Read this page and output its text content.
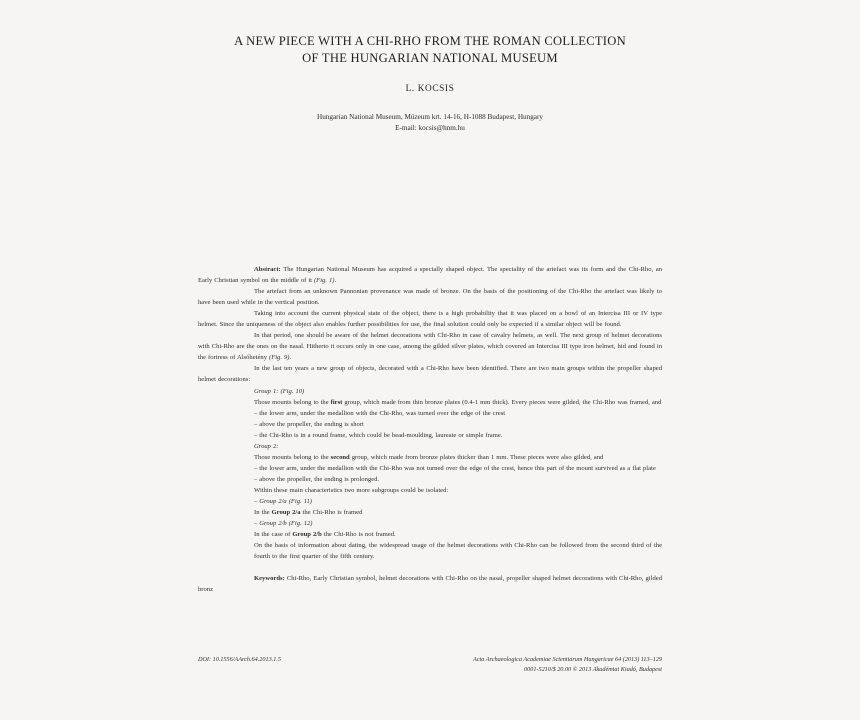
A NEW PIECE WITH A CHI-RHO FROM THE ROMAN COLLECTION
OF THE HUNGARIAN NATIONAL MUSEUM
L. KOCSIS
Hungarian National Museum, Múzeum krt. 14-16, H-1088 Budapest, Hungary
E-mail: kocsis@hnm.hu

Abstract: The Hungarian National Museum has acquired a specially shaped object. The speciality of the artefact was its form and the Chi-Rho, an Early Christian symbol on the middle of it (Fig. 1).

The artefact from an unknown Pannonian provenance was made of bronze. On the basis of the positioning of the Chi-Rho the artefact was likely to have been used while in the vertical position.

Taking into account the current physical state of the object, there is a high probability that it was placed on a bowl of an Intercisa III or IV type helmet. Since the uniqueness of the object also enables further possibilities for use, the final solution could only be expected if a similar object will be found.

In that period, one should be aware of the helmet decorations with Chi-Rho in case of cavalry helmets, as well. The next group of helmet decorations with Chi-Rho are the ones on the nasal. Hitherto it occurs only in one case, among the gilded silver plates, which covered an Intercisa III type iron helmet, hid and found in the fortress of Alsóhetény (Fig. 9).

In the last ten years a new group of objects, decorated with a Chi-Rho have been identified. There are two main groups within the propeller shaped helmet decorations:

Group 1: (Fig. 10)

Those mounts belong to the first group, which made from thin bronze plates (0.4-1 mm thick). Every pieces were gilded, the Chi-Rho was framed, and

– the lower arm, under the medallion with the Chi-Rho, was turned over the edge of the crest

– above the propeller, the ending is short

– the Chi-Rho is in a round frame, which could be bead-moulding, laureate or simple frame.

Group 2:

Those mounts belong to the second group, which made from bronze plates thicker than 1 mm. These pieces were also gilded, and

– the lower arm, under the medallion with the Chi-Rho was not turned over the edge of the crest, hence this part of the mount survived as a flat plate

– above the propeller, the ending is prolonged.

Within these main characteristics two more subgroups could be isolated:

– Group 2/a (Fig. 11)

In the Group 2/a the Chi-Rho is framed

– Group 2/b (Fig. 12)

In the case of Group 2/b the Chi-Rho is not framed.

On the basis of information about dating, the widespread usage of the helmet decorations with Chi-Rho can be followed from the second third of the fourth to the first quarter of the fifth century.

Keywords: Chi-Rho, Early Christian symbol, helmet decorations with Chi-Rho on the nasal, propeller shaped helmet decorations with Chi-Rho, gilded bronz

DOI: 10.1556/AArch.64.2013.1.5	Acta Archaeologica Academiae Scientiarum Hungaricae 64 (2013) 113–129
0001-5210/$ 20.00 © 2013 Akadémiai Kiadó, Budapest
